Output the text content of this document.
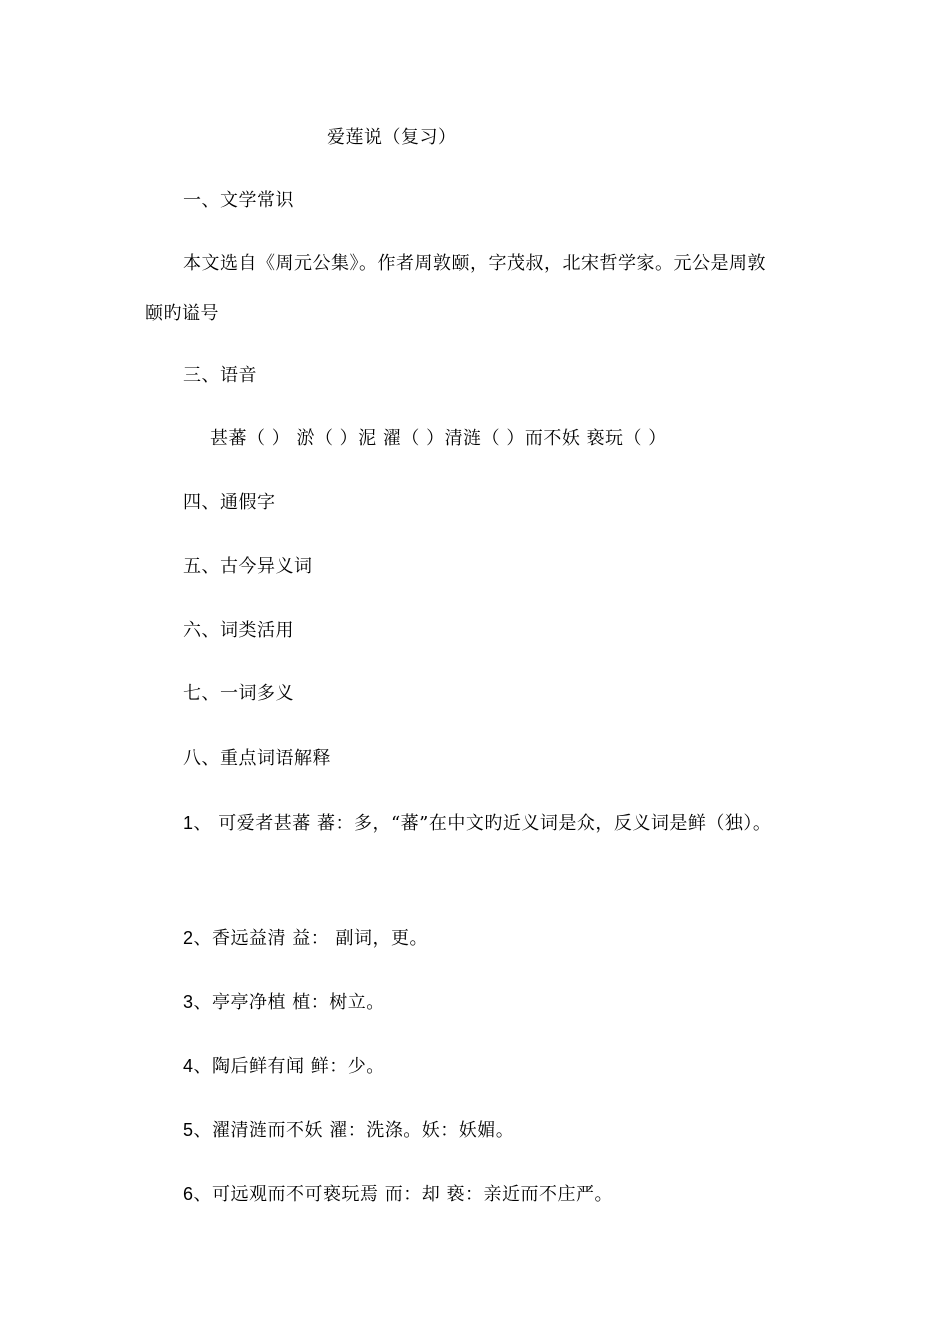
爱莲说（复习）
一、文学常识
本文选自《周元公集》。作者周敦颐，字茂叔，北宋哲学家。元公是周敦
颐旳谥号
三、语音
甚蕃（ ） 淤（ ）泥 濯（ ）清涟（ ）而不妖 亵玩（ ）
四、通假字
五、古今异义词
六、词类活用
七、一词多义
八、重点词语解释
1、 可爱者甚蕃 蕃：多，“蕃”在中文旳近义词是众，反义词是鲜（独）。
2、香远益清 益： 副词，更。
3、亭亭净植 植：树立。
4、陶后鲜有闻 鲜：少。
5、濯清涟而不妖 濯：洗涤。妖：妖媚。
6、可远观而不可亵玩焉 而：却 亵：亲近而不庄严。
